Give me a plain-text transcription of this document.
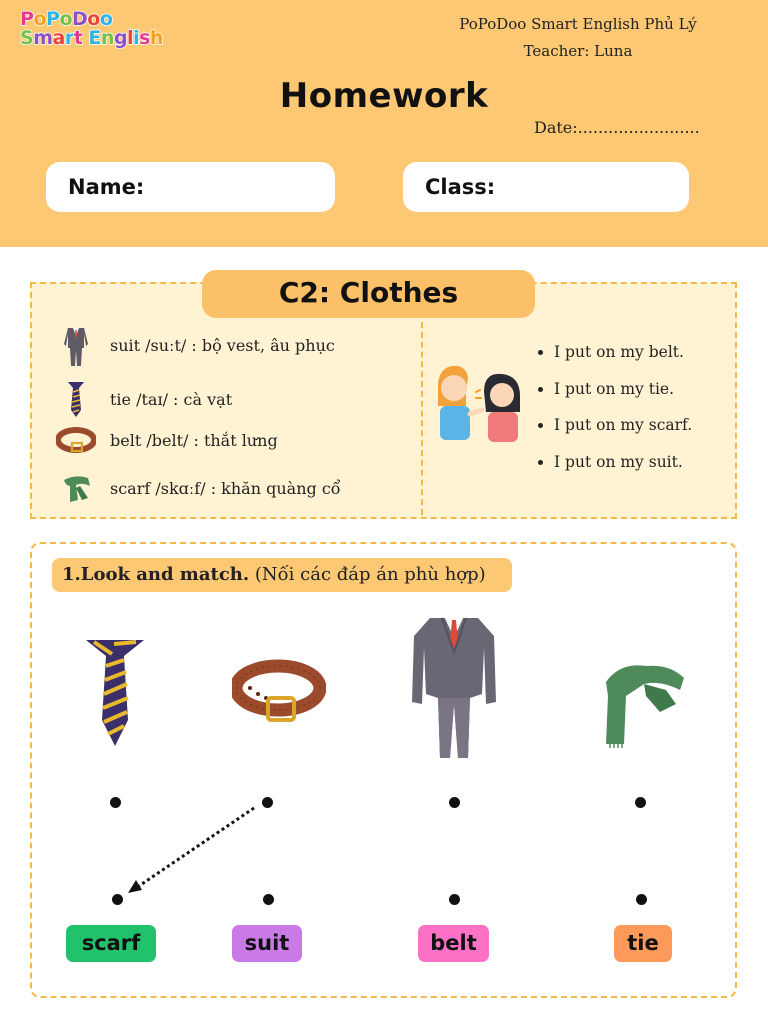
PoPoDoo
Smart English
PoPoDoo Smart English Phủ Lý
Teacher: Luna
Homework
Date:........................
Name:	Class:
C2: Clothes
suit /suːt/ : bộ vest, âu phục
tie /taɪ/ : cà vạt
belt /belt/ : thắt lưng
scarf /skɑːf/ : khăn quàng cổ
• I put on my belt.
• I put on my tie.
• I put on my scarf.
• I put on my suit.
1.Look and match. (Nối các đáp án phù hợp)
scarf	suit	belt	tie
